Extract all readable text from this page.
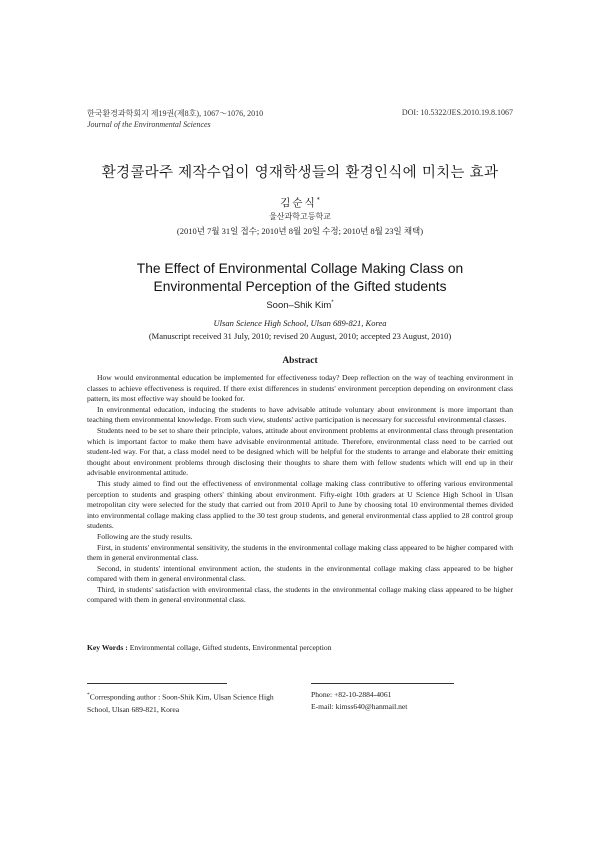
한국환경과학회지 제19권(제8호), 1067～1076, 2010
Journal of the Environmental Sciences
DOI: 10.5322/JES.2010.19.8.1067
환경콜라주 제작수업이 영재학생들의 환경인식에 미치는 효과
김순식*
울산과학고등학교
(2010년 7월 31일 접수; 2010년 8월 20일 수정; 2010년 8월 23일 채택)
The Effect of Environmental Collage Making Class on
Environmental Perception of the Gifted students
Soon–Shik Kim*
Ulsan Science High School, Ulsan 689-821, Korea
(Manuscript received 31 July, 2010; revised 20 August, 2010; accepted 23 August, 2010)
Abstract

How would environmental education be implemented for effectiveness today? Deep reflection on the way of teaching environment in classes to achieve effectiveness is required. If there exist differences in students' environment perception depending on environment class pattern, its most effective way should be looked for.

In environmental education, inducing the students to have advisable attitude voluntary about environment is more important than teaching them environmental knowledge. From such view, students' active participation is necessary for successful environmental classes.

Students need to be set to share their principle, values, attitude about environment problems at environmental class through presentation which is important factor to make them have advisable environmental attitude. Therefore, environmental class need to be carried out student-led way. For that, a class model need to be designed which will be helpful for the students to arrange and elaborate their emitting thought about environment problems through disclosing their thoughts to share them with fellow students which will end up in their advisable environmental attitude.

This study aimed to find out the effectiveness of environmental collage making class contributive to offering various environmental perception to students and grasping others' thinking about environment. Fifty-eight 10th graders at U Science High School in Ulsan metropolitan city were selected for the study that carried out from 2010 April to June by choosing total 10 environmental themes divided into environmental collage making class applied to the 30 test group students, and general environmental class applied to 28 control group students.

Following are the study results.

First, in students' environmental sensitivity, the students in the environmental collage making class appeared to be higher compared with them in general environmental class.

Second, in students' intentional environment action, the students in the environmental collage making class appeared to be higher compared with them in general environmental class.

Third, in students' satisfaction with environmental class, the students in the environmental collage making class appeared to be higher compared with them in general environmental class.

Key Words : Environmental collage, Gifted students, Environmental perception
*Corresponding author : Soon-Shik Kim, Ulsan Science High
School, Ulsan 689-821, Korea
Phone: +82-10-2884-4061
E-mail: kimss640@hanmail.net
